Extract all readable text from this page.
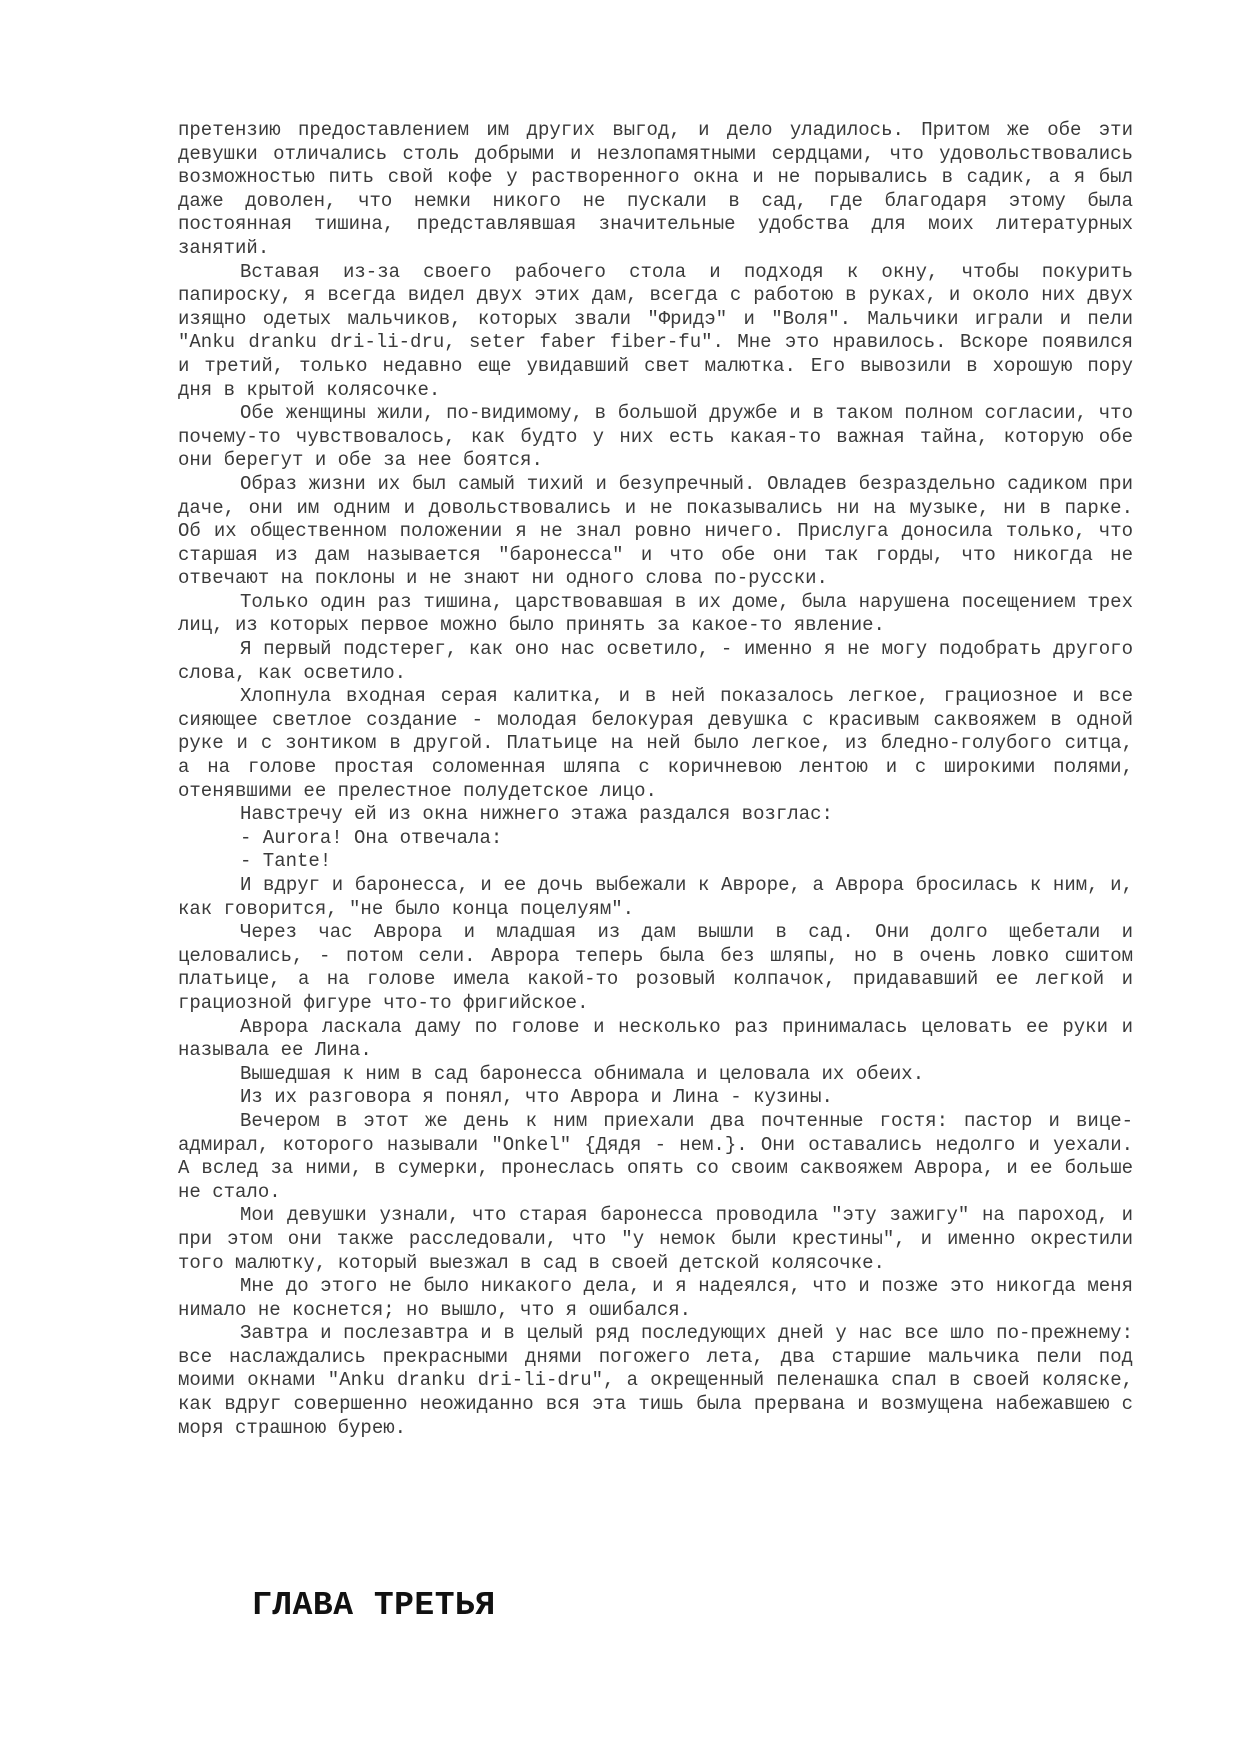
претензию предоставлением им других выгод, и дело уладилось. Притом же обе эти девушки отличались столь добрыми и незлопамятными сердцами, что удовольствовались возможностью пить свой кофе у растворенного окна и не порывались в садик, а я был даже доволен, что немки никого не пускали в сад, где благодаря этому была постоянная тишина, представлявшая значительные удобства для моих литературных занятий.

Вставая из-за своего рабочего стола и подходя к окну, чтобы покурить папироску, я всегда видел двух этих дам, всегда с работою в руках, и около них двух изящно одетых мальчиков, которых звали "Фридэ" и "Воля". Мальчики играли и пели "Anku dranku dri-li-dru, seter faber fiber-fu". Мне это нравилось. Вскоре появился и третий, только недавно еще увидавший свет малютка. Его вывозили в хорошую пору дня в крытой колясочке.

Обе женщины жили, по-видимому, в большой дружбе и в таком полном согласии, что почему-то чувствовалось, как будто у них есть какая-то важная тайна, которую обе они берегут и обе за нее боятся.

Образ жизни их был самый тихий и безупречный. Овладев безраздельно садиком при даче, они им одним и довольствовались и не показывались ни на музыке, ни в парке. Об их общественном положении я не знал ровно ничего. Прислуга доносила только, что старшая из дам называется "баронесса" и что обе они так горды, что никогда не отвечают на поклоны и не знают ни одного слова по-русски.

Только один раз тишина, царствовавшая в их доме, была нарушена посещением трех лиц, из которых первое можно было принять за какое-то явление.

Я первый подстерег, как оно нас осветило, - именно я не могу подобрать другого слова, как осветило.

Хлопнула входная серая калитка, и в ней показалось легкое, грациозное и все сияющее светлое создание - молодая белокурая девушка с красивым саквояжем в одной руке и с зонтиком в другой. Платьице на ней было легкое, из бледно-голубого ситца, а на голове простая соломенная шляпа с коричневою лентою и с широкими полями, отенявшими ее прелестное полудетское лицо.

Навстречу ей из окна нижнего этажа раздался возглас:

- Aurora! Она отвечала:

- Tante!

И вдруг и баронесса, и ее дочь выбежали к Авроре, а Аврора бросилась к ним, и, как говорится, "не было конца поцелуям".

Через час Аврора и младшая из дам вышли в сад. Они долго щебетали и целовались, - потом сели. Аврора теперь была без шляпы, но в очень ловко сшитом платьице, а на голове имела какой-то розовый колпачок, придававший ее легкой и грациозной фигуре что-то фригийское.

Аврора ласкала даму по голове и несколько раз принималась целовать ее руки и называла ее Лина.

Вышедшая к ним в сад баронесса обнимала и целовала их обеих.

Из их разговора я понял, что Аврора и Лина - кузины.

Вечером в этот же день к ним приехали два почтенные гостя: пастор и вице-адмирал, которого называли "Onkel" {Дядя - нем.}. Они оставались недолго и уехали. А вслед за ними, в сумерки, пронеслась опять со своим саквояжем Аврора, и ее больше не стало.

Мои девушки узнали, что старая баронесса проводила "эту зажигу" на пароход, и при этом они также расследовали, что "у немок были крестины", и именно окрестили того малютку, который выезжал в сад в своей детской колясочке.

Мне до этого не было никакого дела, и я надеялся, что и позже это никогда меня нимало не коснется; но вышло, что я ошибался.

Завтра и послезавтра и в целый ряд последующих дней у нас все шло по-прежнему: все наслаждались прекрасными днями погожего лета, два старшие мальчика пели под моими окнами "Anku dranku dri-li-dru", а окрещенный пеленашка спал в своей коляске, как вдруг совершенно неожиданно вся эта тишь была прервана и возмущена набежавшею с моря страшною бурею.

ГЛАВА ТРЕТЬЯ
